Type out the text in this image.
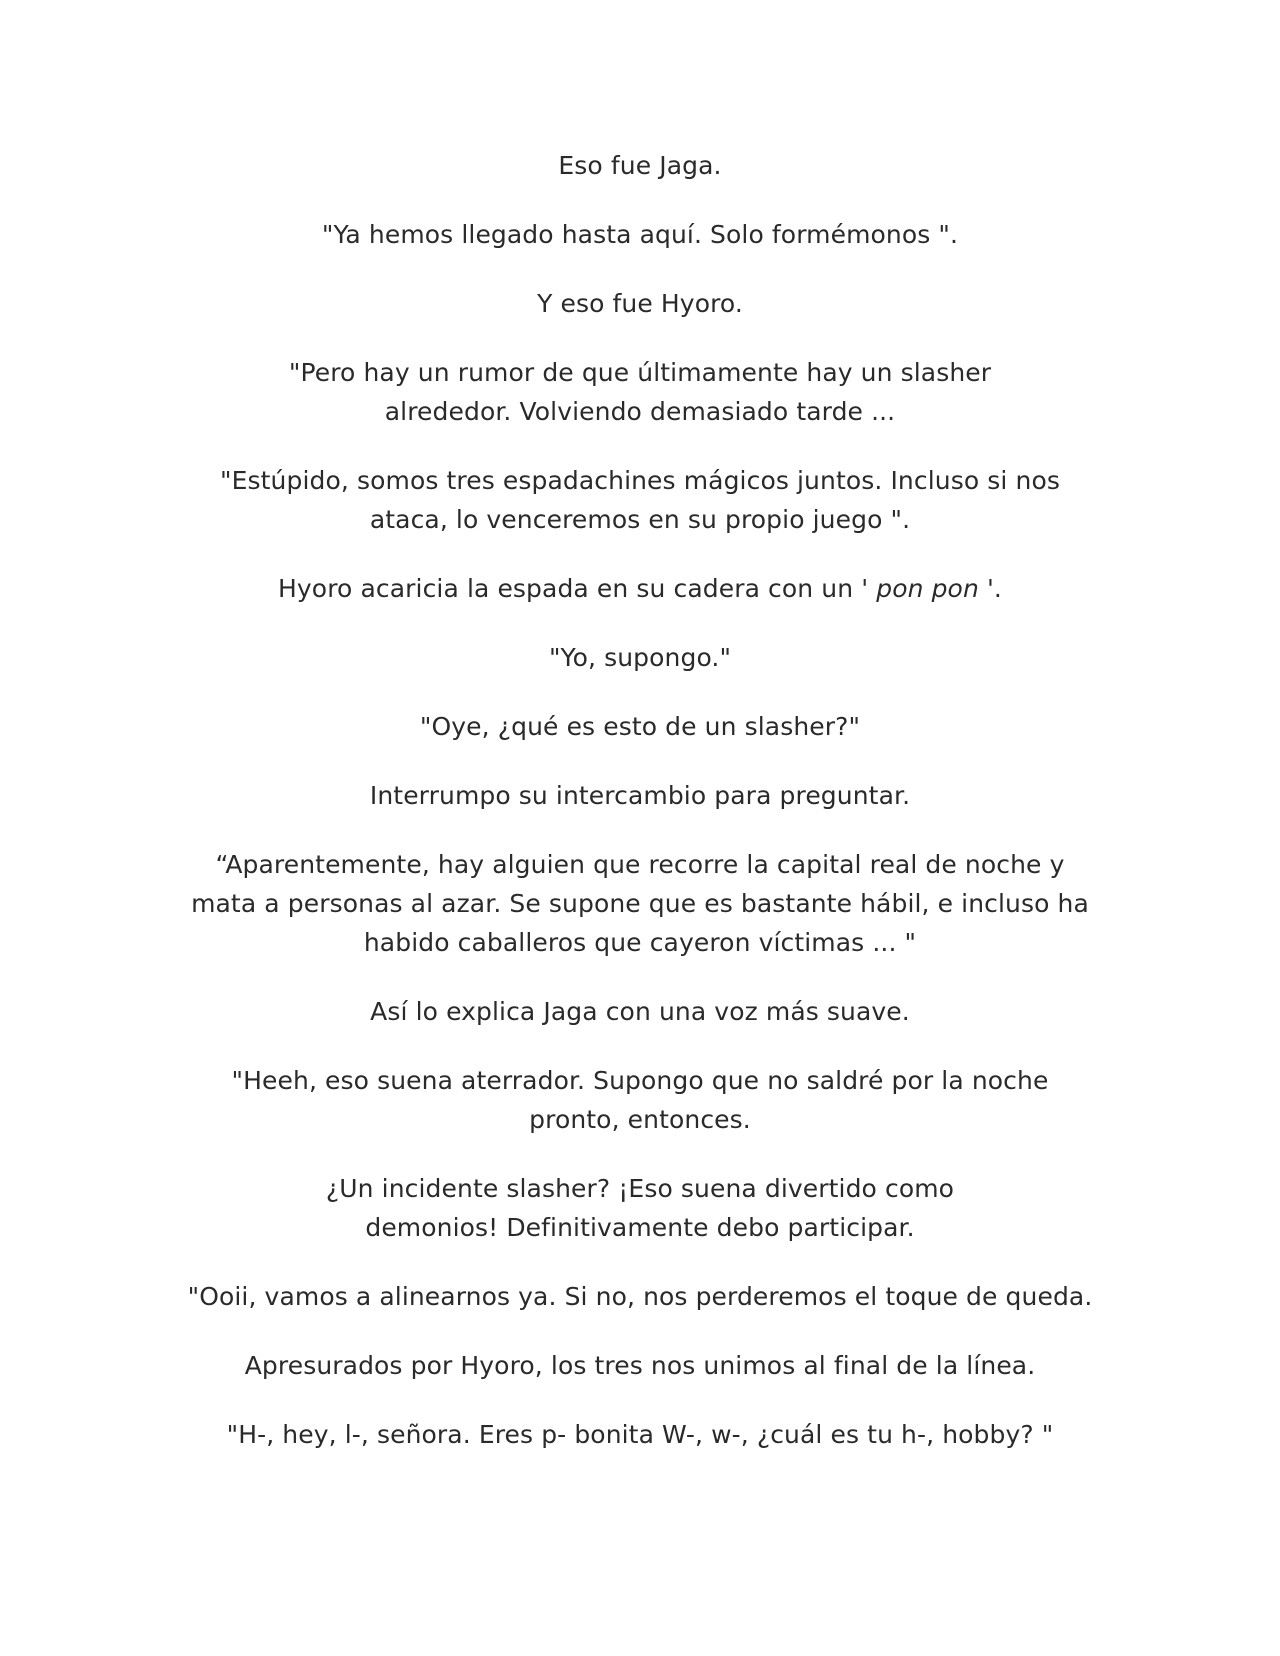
Eso fue Jaga.

"Ya hemos llegado hasta aquí. Solo formémonos ".

Y eso fue Hyoro.

"Pero hay un rumor de que últimamente hay un slasher
alrededor. Volviendo demasiado tarde ...

"Estúpido, somos tres espadachines mágicos juntos. Incluso si nos
ataca, lo venceremos en su propio juego ".

Hyoro acaricia la espada en su cadera con un ' pon pon '.

"Yo, supongo."

"Oye, ¿qué es esto de un slasher?"

Interrumpo su intercambio para preguntar.

“Aparentemente, hay alguien que recorre la capital real de noche y
mata a personas al azar. Se supone que es bastante hábil, e incluso ha
habido caballeros que cayeron víctimas ... "

Así lo explica Jaga con una voz más suave.

"Heeh, eso suena aterrador. Supongo que no saldré por la noche
pronto, entonces.

¿Un incidente slasher? ¡Eso suena divertido como
demonios! Definitivamente debo participar.

"Ooii, vamos a alinearnos ya. Si no, nos perderemos el toque de queda.

Apresurados por Hyoro, los tres nos unimos al final de la línea.

"H-, hey, l-, señora. Eres p- bonita W-, w-, ¿cuál es tu h-, hobby? "
